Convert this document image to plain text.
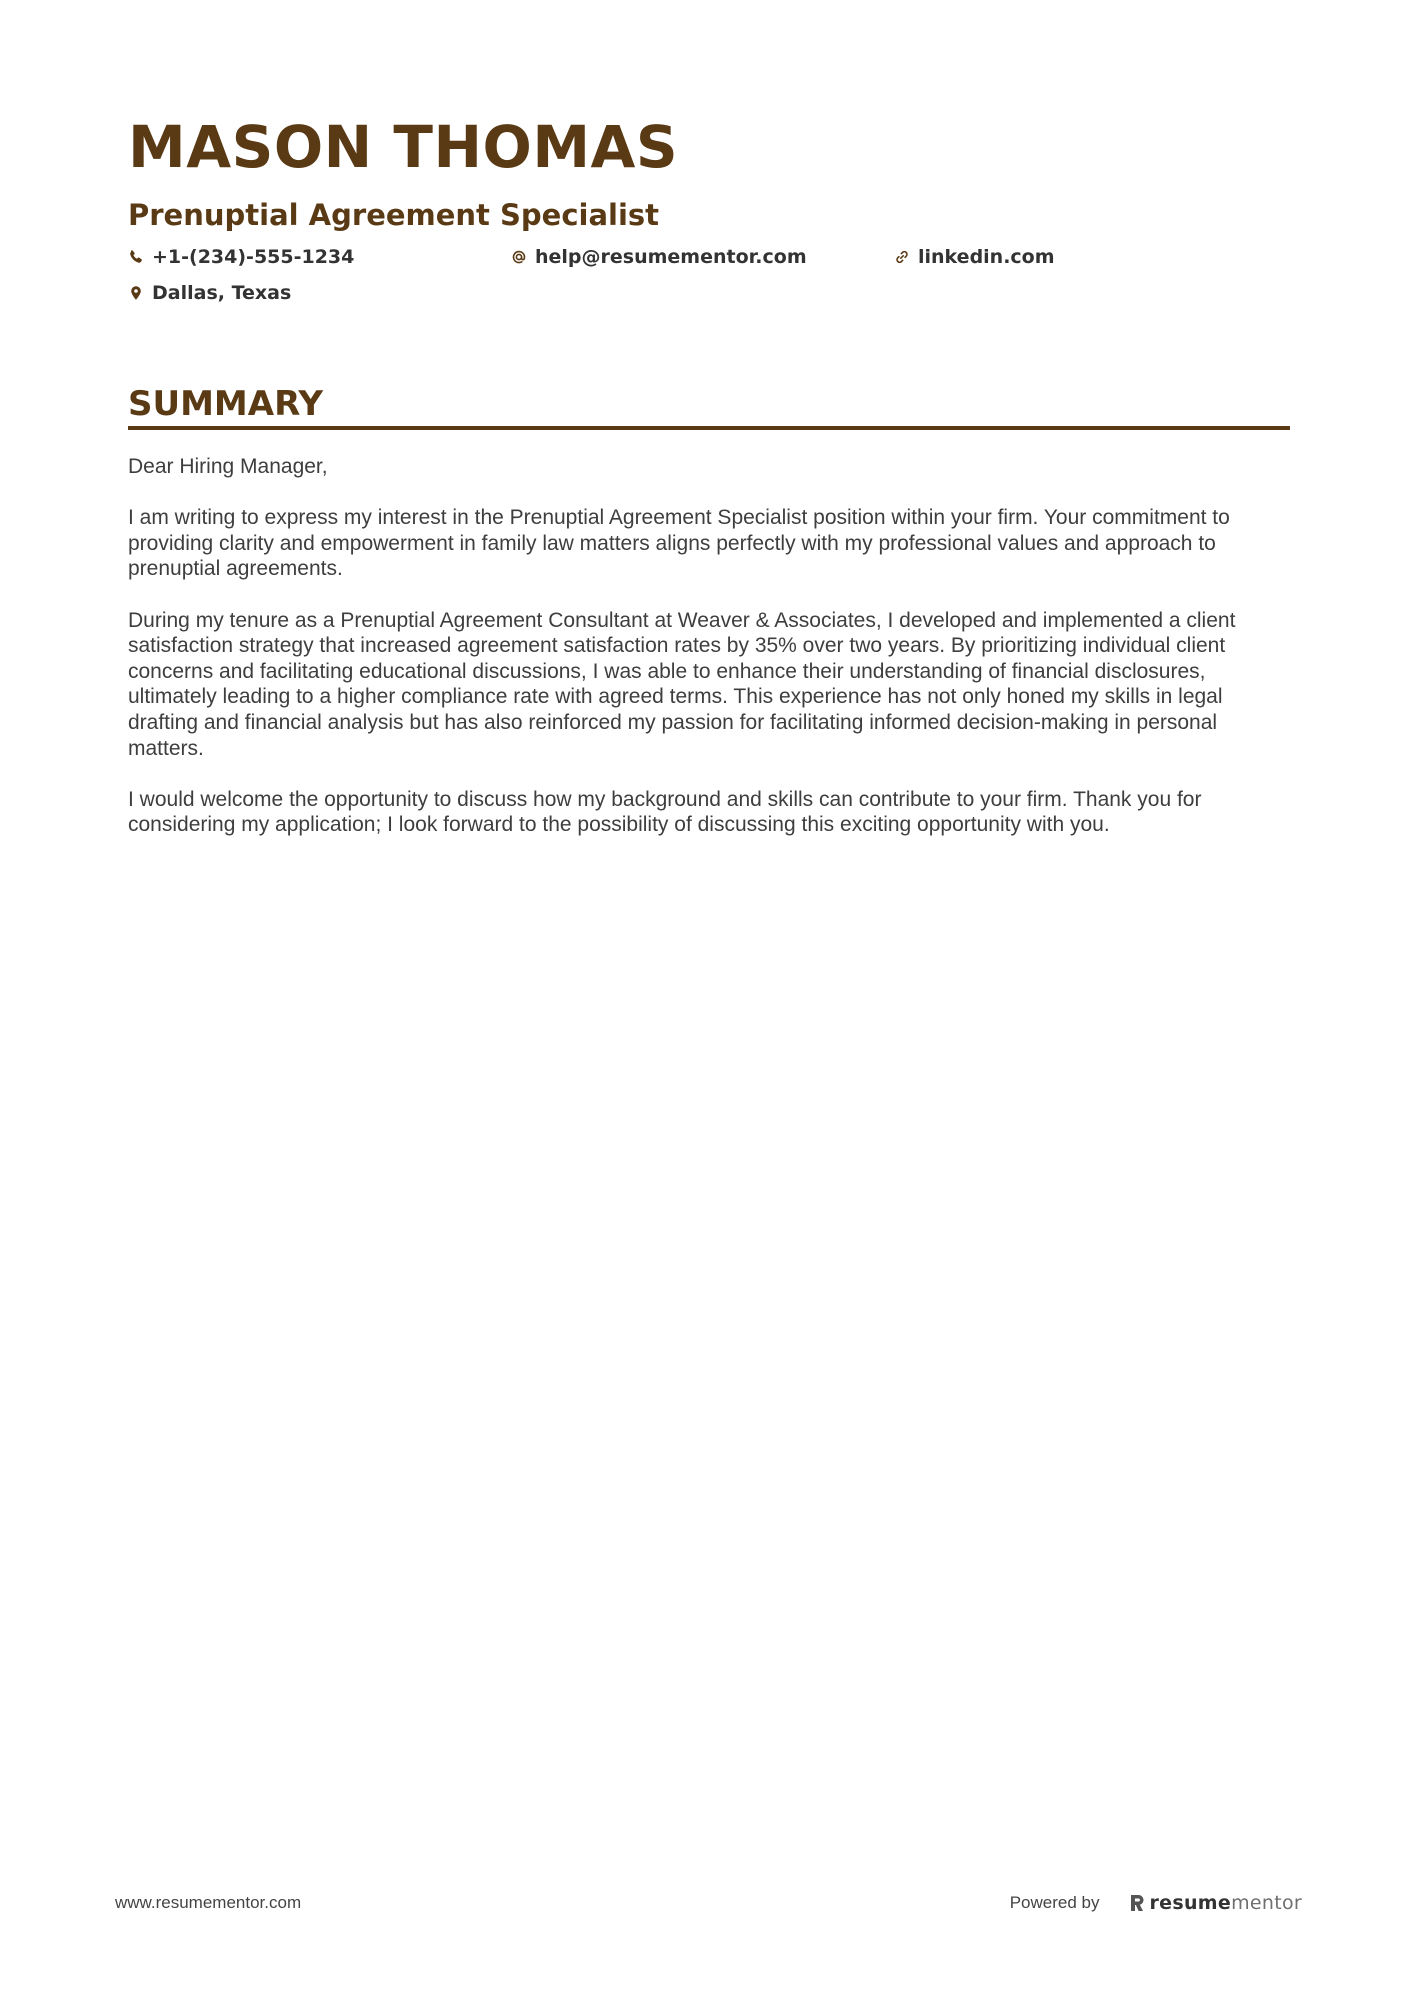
MASON THOMAS
Prenuptial Agreement Specialist
+1-(234)-555-1234	help@resumementor.com	linkedin.com
Dallas, Texas
SUMMARY

Dear Hiring Manager,

I am writing to express my interest in the Prenuptial Agreement Specialist position within your firm. Your commitment to providing clarity and empowerment in family law matters aligns perfectly with my professional values and approach to prenuptial agreements.

During my tenure as a Prenuptial Agreement Consultant at Weaver & Associates, I developed and implemented a client satisfaction strategy that increased agreement satisfaction rates by 35% over two years. By prioritizing individual client concerns and facilitating educational discussions, I was able to enhance their understanding of financial disclosures, ultimately leading to a higher compliance rate with agreed terms. This experience has not only honed my skills in legal drafting and financial analysis but has also reinforced my passion for facilitating informed decision-making in personal matters.

I would welcome the opportunity to discuss how my background and skills can contribute to your firm. Thank you for considering my application; I look forward to the possibility of discussing this exciting opportunity with you.

www.resumementor.com	Powered by	resumementor
